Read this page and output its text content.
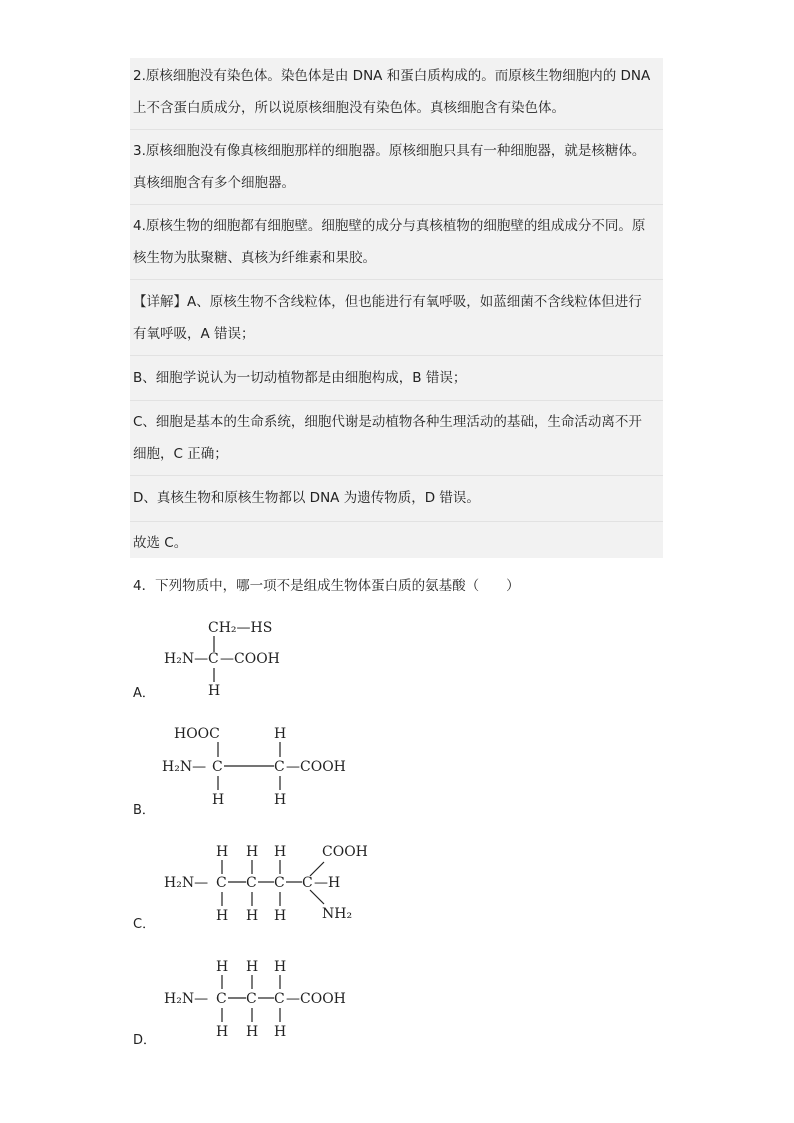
2.原核细胞没有染色体。染色体是由 DNA 和蛋白质构成的。而原核生物细胞内的 DNA
上不含蛋白质成分，所以说原核细胞没有染色体。真核细胞含有染色体。
3.原核细胞没有像真核细胞那样的细胞器。原核细胞只具有一种细胞器，就是核糖体。
真核细胞含有多个细胞器。
4.原核生物的细胞都有细胞壁。细胞壁的成分与真核植物的细胞壁的组成成分不同。原
核生物为肽聚糖、真核为纤维素和果胶。
【详解】A、原核生物不含线粒体，但也能进行有氧呼吸，如蓝细菌不含线粒体但进行
有氧呼吸，A 错误；
B、细胞学说认为一切动植物都是由细胞构成，B 错误；
C、细胞是基本的生命系统，细胞代谢是动植物各种生理活动的基础，生命活动离不开
细胞，C 正确；
D、真核生物和原核生物都以 DNA 为遗传物质，D 错误。
故选 C。
4．下列物质中，哪一项不是组成生物体蛋白质的氨基酸（　　）
CH₂—HS
H₂N— C —COOH
H
A．
HOOC	H
H₂N— C	C —COOH
H	H
B．
H H H	COOH
H₂N— C C C C —H
H H H	NH₂
C．
H H H
H₂N— C C C —COOH
H H H
D．
